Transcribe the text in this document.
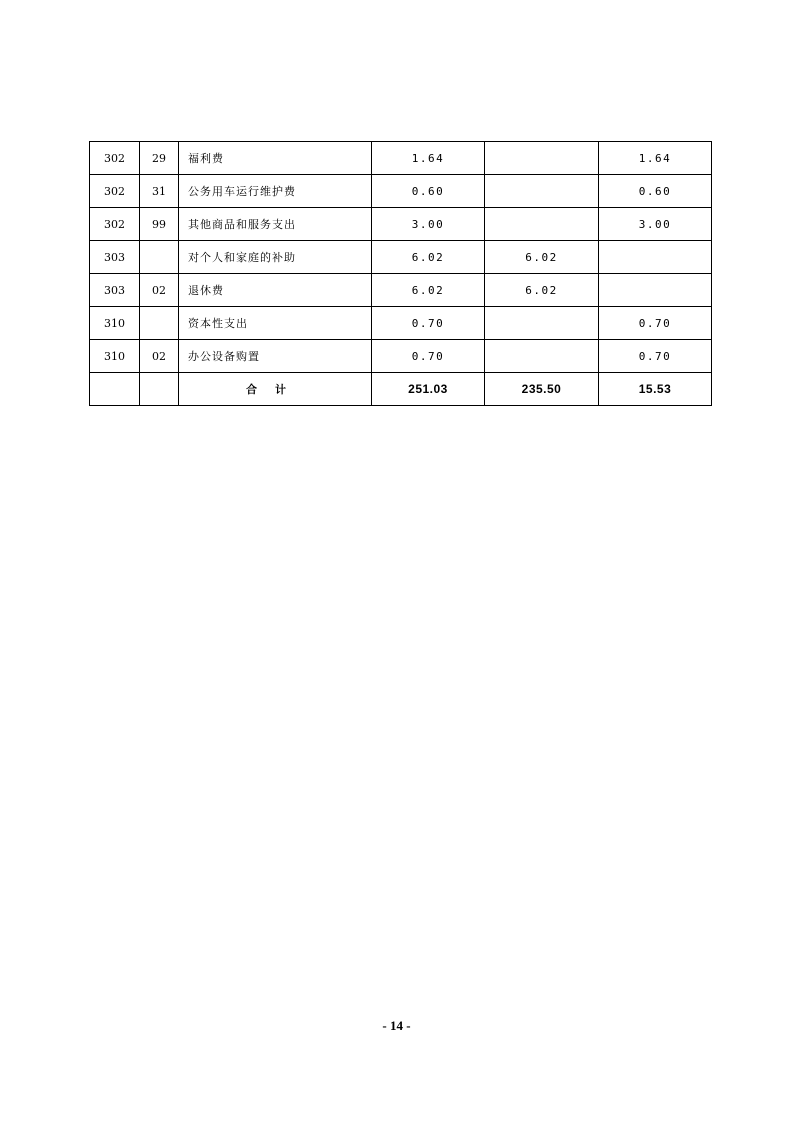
302	29	福利费	1.64		1.64
302	31	公务用车运行维护费	0.60		0.60
302	99	其他商品和服务支出	3.00		3.00
303		对个人和家庭的补助	6.02	6.02	
303	02	退休费	6.02	6.02	
310		资本性支出	0.70		0.70
310	02	办公设备购置	0.70		0.70
		合计	251.03	235.50	15.53
- 14 -
